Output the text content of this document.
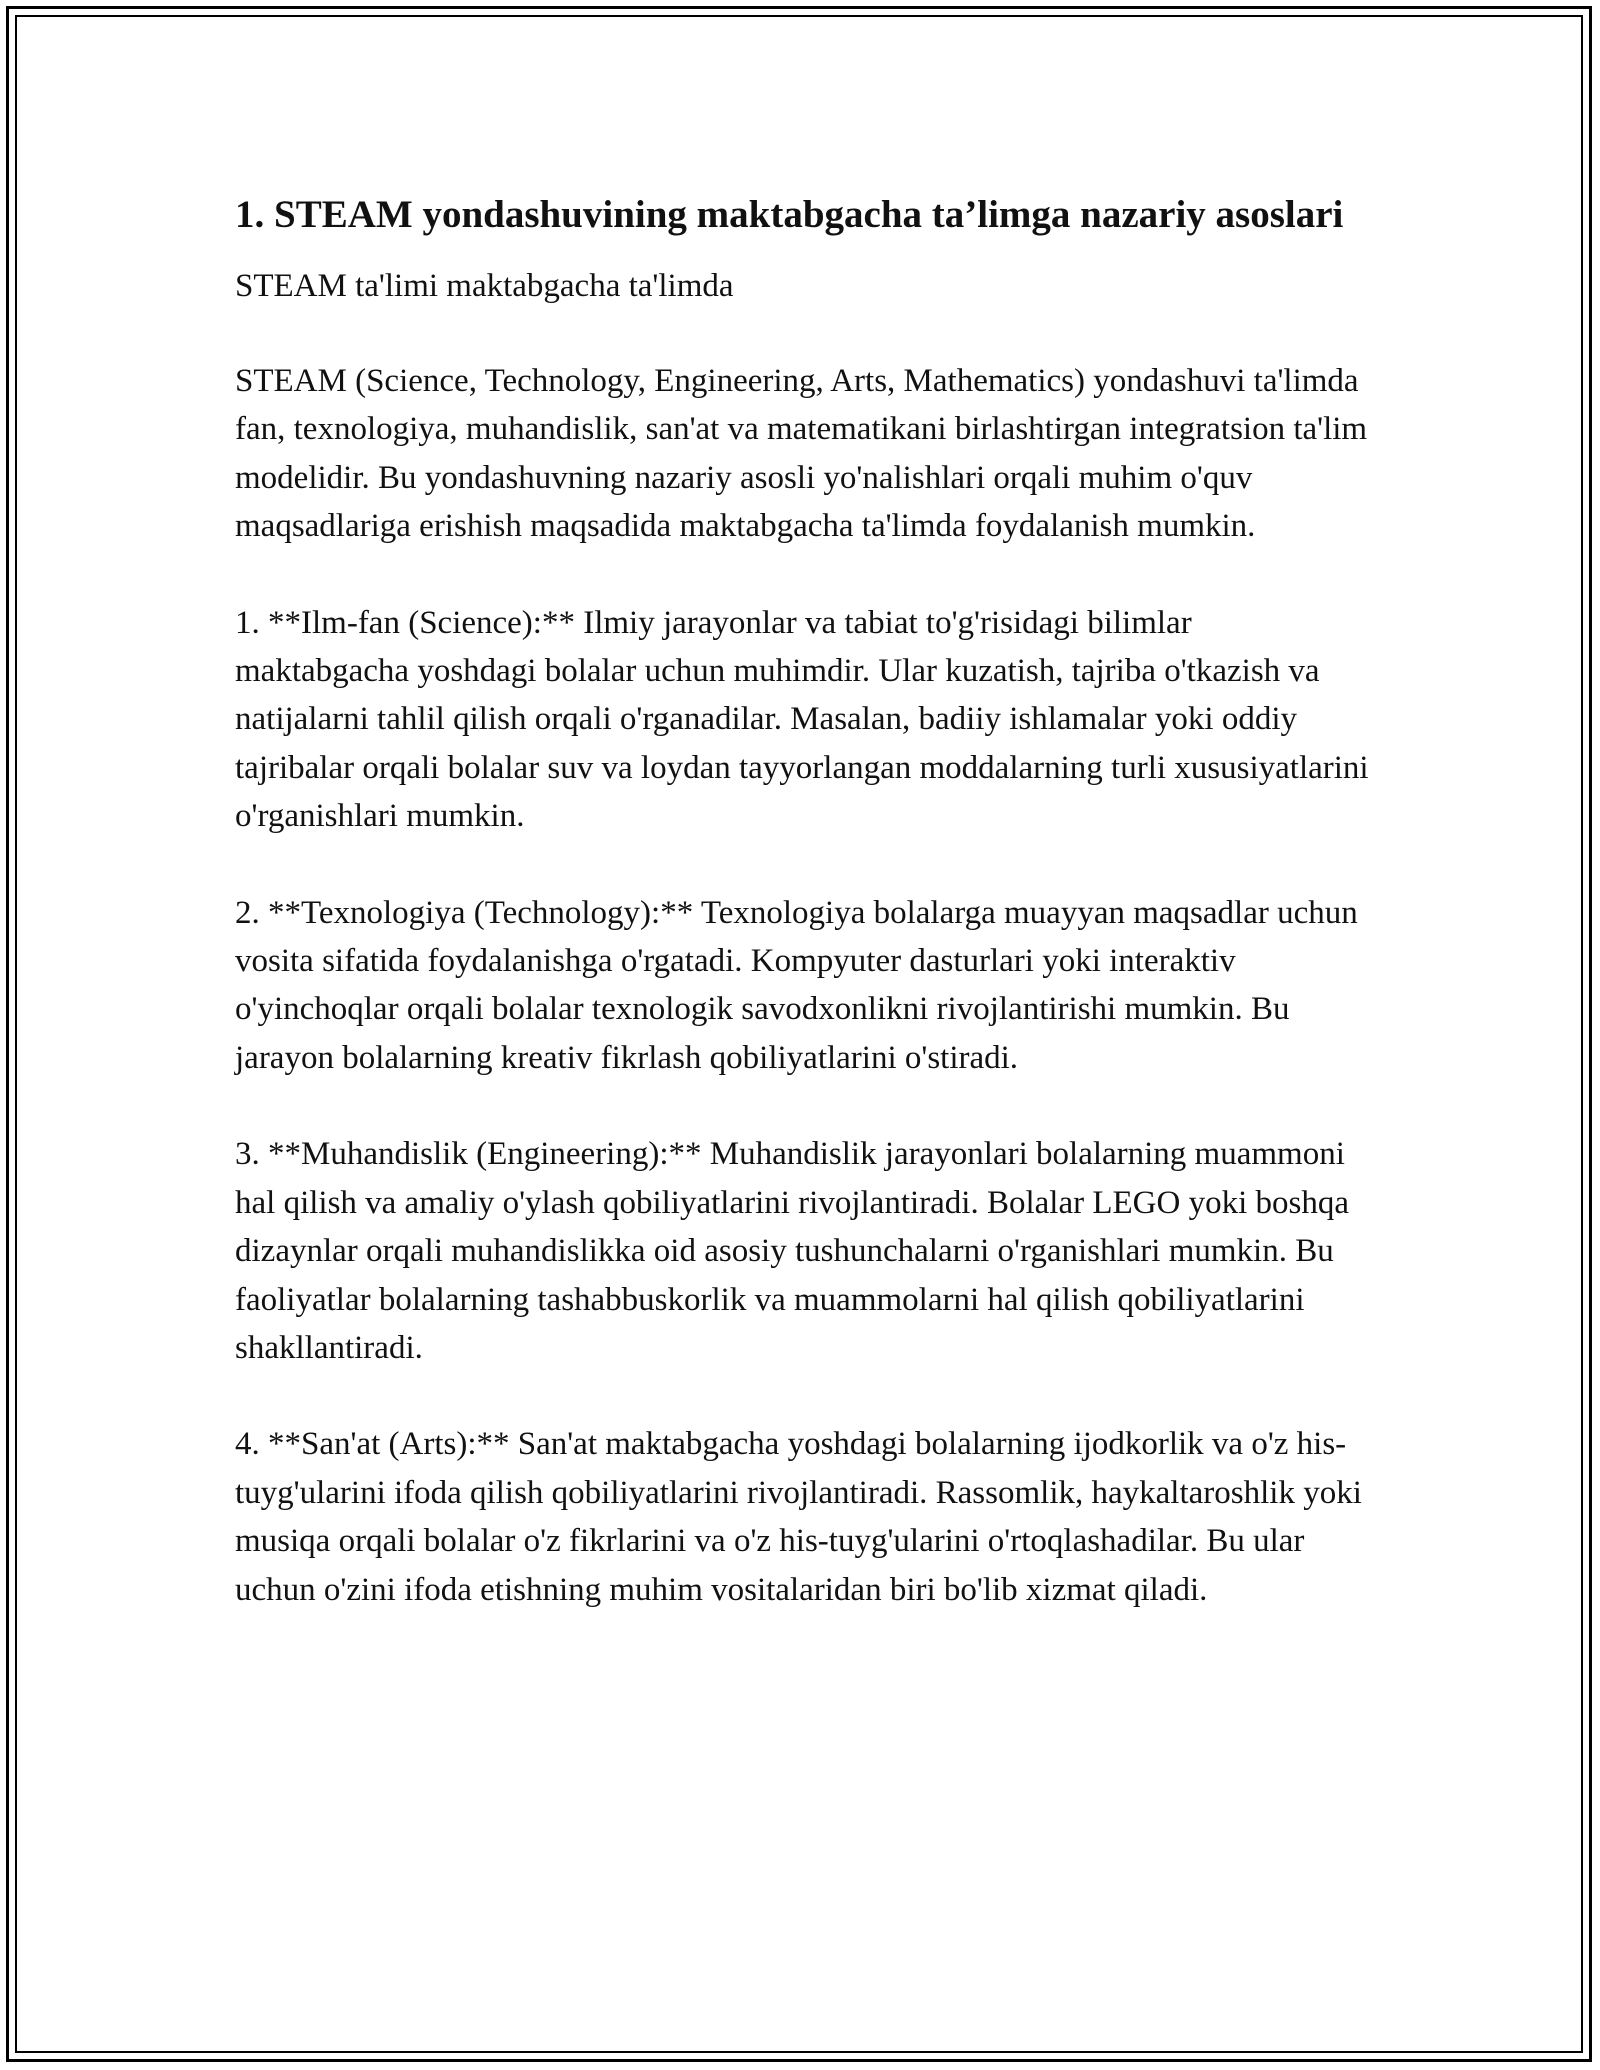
1. STEAM yondashuvining maktabgacha ta’limga nazariy asoslari

STEAM ta'limi maktabgacha ta'limda

STEAM (Science, Technology, Engineering, Arts, Mathematics) yondashuvi ta'limda fan, texnologiya, muhandislik, san'at va matematikani birlashtirgan integratsion ta'lim modelidir. Bu yondashuvning nazariy asosli yo'nalishlari orqali muhim o'quv maqsadlariga erishish maqsadida maktabgacha ta'limda foydalanish mumkin.

1. **Ilm-fan (Science):** Ilmiy jarayonlar va tabiat to'g'risidagi bilimlar maktabgacha yoshdagi bolalar uchun muhimdir. Ular kuzatish, tajriba o'tkazish va natijalarni tahlil qilish orqali o'rganadilar. Masalan, badiiy ishlamalar yoki oddiy tajribalar orqali bolalar suv va loydan tayyorlangan moddalarning turli xususiyatlarini o'rganishlari mumkin.

2. **Texnologiya (Technology):** Texnologiya bolalarga muayyan maqsadlar uchun vosita sifatida foydalanishga o'rgatadi. Kompyuter dasturlari yoki interaktiv o'yinchoqlar orqali bolalar texnologik savodxonlikni rivojlantirishi mumkin. Bu jarayon bolalarning kreativ fikrlash qobiliyatlarini o'stiradi.

3. **Muhandislik (Engineering):** Muhandislik jarayonlari bolalarning muammoni hal qilish va amaliy o'ylash qobiliyatlarini rivojlantiradi. Bolalar LEGO yoki boshqa dizaynlar orqali muhandislikka oid asosiy tushunchalarni o'rganishlari mumkin. Bu faoliyatlar bolalarning tashabbuskorlik va muammolarni hal qilish qobiliyatlarini shakllantiradi.

4. **San'at (Arts):** San'at maktabgacha yoshdagi bolalarning ijodkorlik va o'z his-tuyg'ularini ifoda qilish qobiliyatlarini rivojlantiradi. Rassomlik, haykaltaroshlik yoki musiqa orqali bolalar o'z fikrlarini va o'z his-tuyg'ularini o'rtoqlashadilar. Bu ular uchun o'zini ifoda etishning muhim vositalaridan biri bo'lib xizmat qiladi.
